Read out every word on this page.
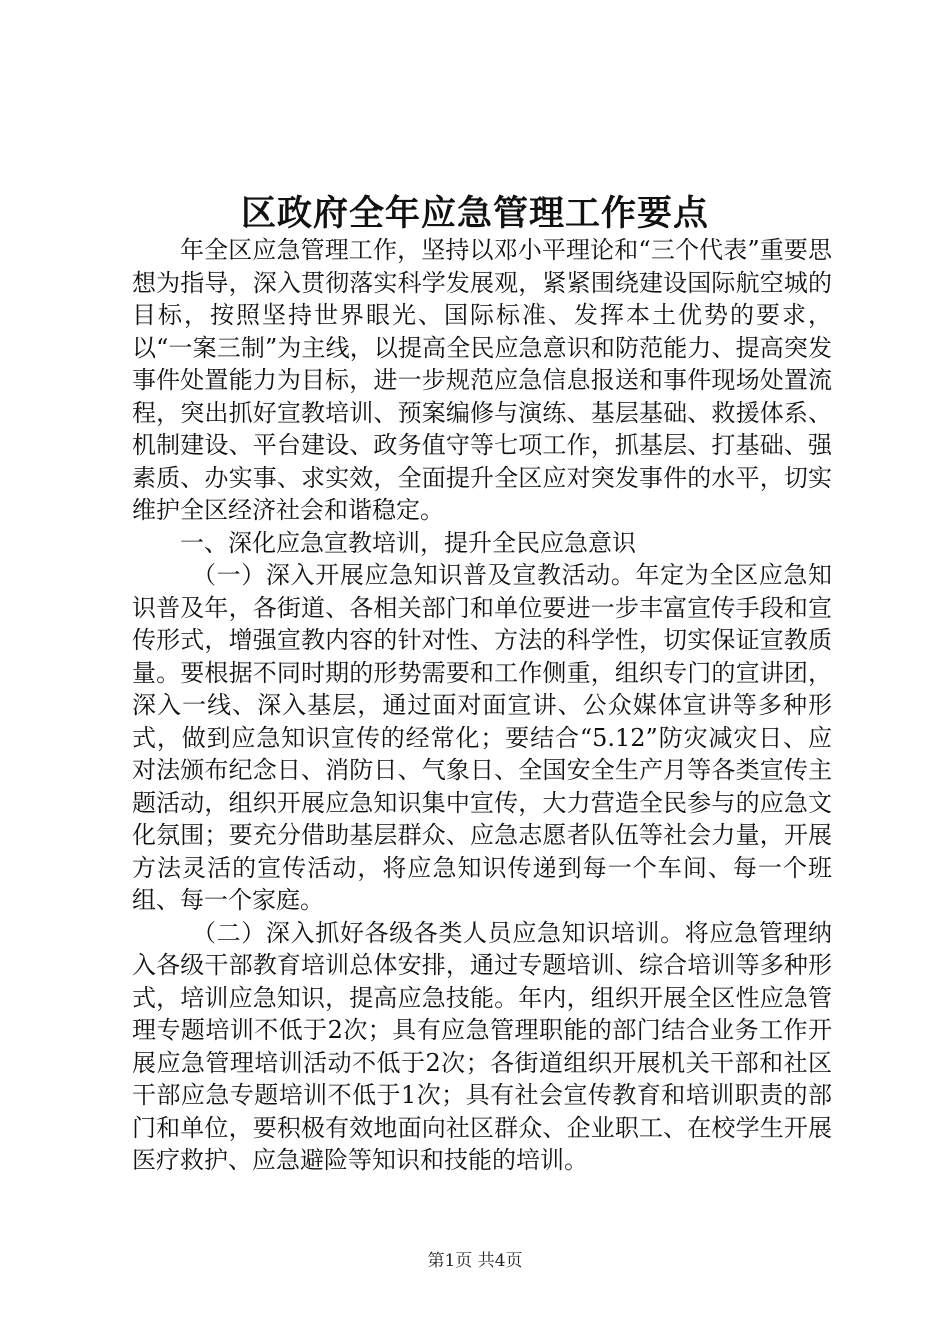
区政府全年应急管理工作要点

年全区应急管理工作，坚持以邓小平理论和“三个代表”重要思想为指导，深入贯彻落实科学发展观，紧紧围绕建设国际航空城的目标，按照坚持世界眼光、国际标准、发挥本土优势的要求，以“一案三制”为主线，以提高全民应急意识和防范能力、提高突发事件处置能力为目标，进一步规范应急信息报送和事件现场处置流程，突出抓好宣教培训、预案编修与演练、基层基础、救援体系、机制建设、平台建设、政务值守等七项工作，抓基层、打基础、强素质、办实事、求实效，全面提升全区应对突发事件的水平，切实维护全区经济社会和谐稳定。

一、深化应急宣教培训，提升全民应急意识

（一）深入开展应急知识普及宣教活动。年定为全区应急知识普及年，各街道、各相关部门和单位要进一步丰富宣传手段和宣传形式，增强宣教内容的针对性、方法的科学性，切实保证宣教质量。要根据不同时期的形势需要和工作侧重，组织专门的宣讲团，深入一线、深入基层，通过面对面宣讲、公众媒体宣讲等多种形式，做到应急知识宣传的经常化；要结合“5.12”防灾减灾日、应对法颁布纪念日、消防日、气象日、全国安全生产月等各类宣传主题活动，组织开展应急知识集中宣传，大力营造全民参与的应急文化氛围；要充分借助基层群众、应急志愿者队伍等社会力量，开展方法灵活的宣传活动，将应急知识传递到每一个车间、每一个班组、每一个家庭。

（二）深入抓好各级各类人员应急知识培训。将应急管理纳入各级干部教育培训总体安排，通过专题培训、综合培训等多种形式，培训应急知识，提高应急技能。年内，组织开展全区性应急管理专题培训不低于2次；具有应急管理职能的部门结合业务工作开展应急管理培训活动不低于2次；各街道组织开展机关干部和社区干部应急专题培训不低于1次；具有社会宣传教育和培训职责的部门和单位，要积极有效地面向社区群众、企业职工、在校学生开展医疗救护、应急避险等知识和技能的培训。

第1页 共4页
